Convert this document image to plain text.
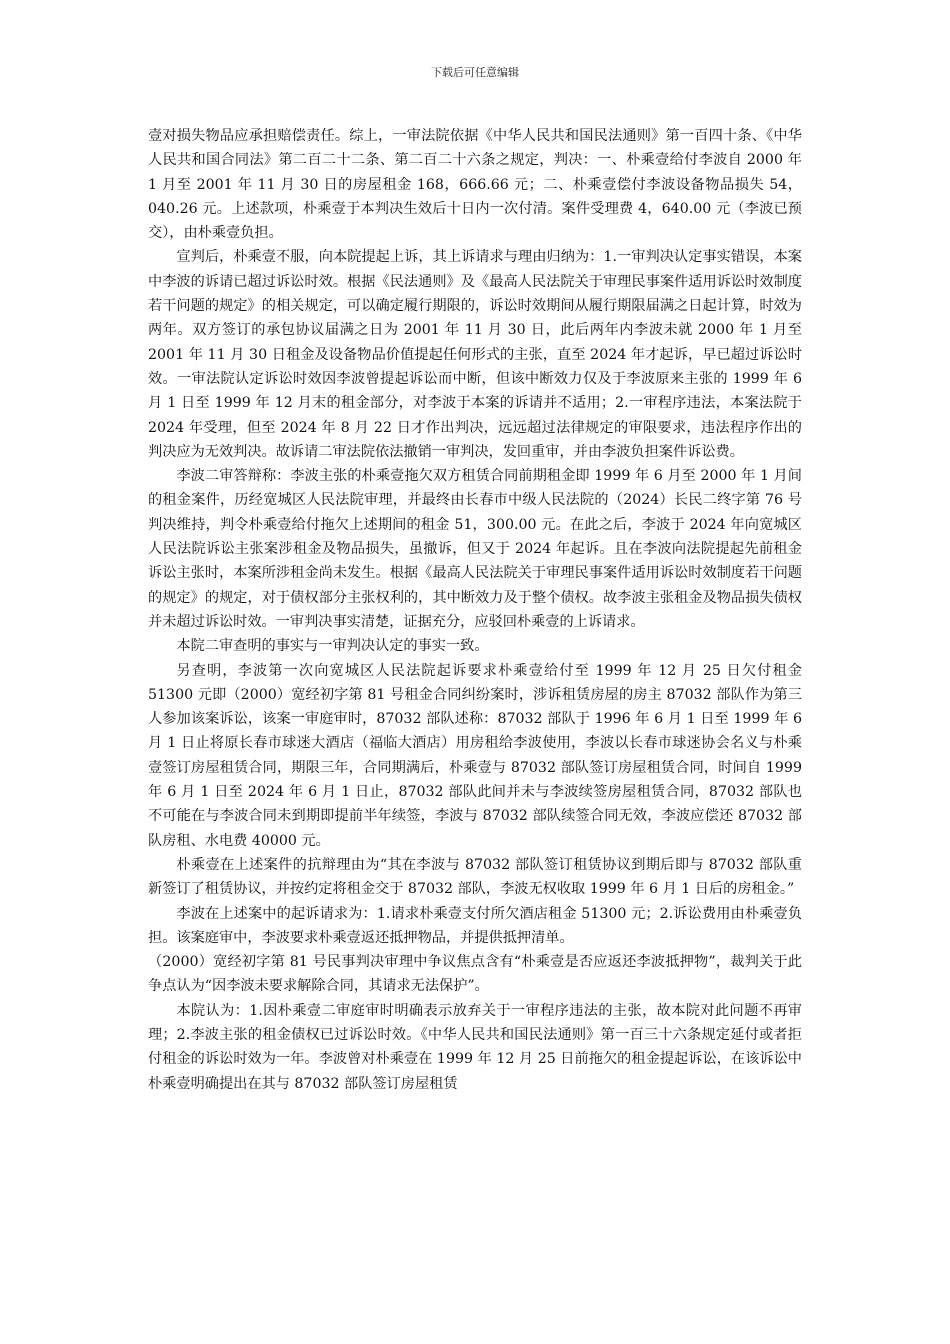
下载后可任意编辑

壹对损失物品应承担赔偿责任。综上，一审法院依据《中华人民共和国民法通则》第一百四十条、《中华人民共和国合同法》第二百二十二条、第二百二十六条之规定，判决：一、朴乘壹给付李波自 2000 年 1 月至 2001 年 11 月 30 日的房屋租金 168，666.66 元；二、朴乘壹偿付李波设备物品损失 54，040.26 元。上述款项，朴乘壹于本判决生效后十日内一次付清。案件受理费 4，640.00 元（李波已预交），由朴乘壹负担。

宣判后，朴乘壹不服，向本院提起上诉，其上诉请求与理由归纳为：1.一审判决认定事实错误，本案中李波的诉请已超过诉讼时效。根据《民法通则》及《最高人民法院关于审理民事案件适用诉讼时效制度若干问题的规定》的相关规定，可以确定履行期限的，诉讼时效期间从履行期限届满之日起计算，时效为两年。双方签订的承包协议届满之日为 2001 年 11 月 30 日，此后两年内李波未就 2000 年 1 月至 2001 年 11 月 30 日租金及设备物品价值提起任何形式的主张，直至 2024 年才起诉，早已超过诉讼时效。一审法院认定诉讼时效因李波曾提起诉讼而中断，但该中断效力仅及于李波原来主张的 1999 年 6 月 1 日至 1999 年 12 月末的租金部分，对李波于本案的诉请并不适用；2.一审程序违法，本案法院于 2024 年受理，但至 2024 年 8 月 22 日才作出判决，远远超过法律规定的审限要求，违法程序作出的判决应为无效判决。故诉请二审法院依法撤销一审判决，发回重审，并由李波负担案件诉讼费。

李波二审答辩称：李波主张的朴乘壹拖欠双方租赁合同前期租金即 1999 年 6 月至 2000 年 1 月间的租金案件，历经宽城区人民法院审理，并最终由长春市中级人民法院的（2024）长民二终字第 76 号判决维持，判令朴乘壹给付拖欠上述期间的租金 51，300.00 元。在此之后，李波于 2024 年向宽城区人民法院诉讼主张案涉租金及物品损失，虽撤诉，但又于 2024 年起诉。且在李波向法院提起先前租金诉讼主张时，本案所涉租金尚未发生。根据《最高人民法院关于审理民事案件适用诉讼时效制度若干问题的规定》的规定，对于债权部分主张权利的，其中断效力及于整个债权。故李波主张租金及物品损失债权并未超过诉讼时效。一审判决事实清楚，证据充分，应驳回朴乘壹的上诉请求。

本院二审查明的事实与一审判决认定的事实一致。

另查明，李波第一次向宽城区人民法院起诉要求朴乘壹给付至 1999 年 12 月 25 日欠付租金 51300 元即（2000）宽经初字第 81 号租金合同纠纷案时，涉诉租赁房屋的房主 87032 部队作为第三人参加该案诉讼，该案一审庭审时，87032 部队述称：87032 部队于 1996 年 6 月 1 日至 1999 年 6 月 1 日止将原长春市球迷大酒店（福临大酒店）用房租给李波使用，李波以长春市球迷协会名义与朴乘壹签订房屋租赁合同，期限三年，合同期满后，朴乘壹与 87032 部队签订房屋租赁合同，时间自 1999 年 6 月 1 日至 2024 年 6 月 1 日止，87032 部队此间并未与李波续签房屋租赁合同，87032 部队也不可能在与李波合同未到期即提前半年续签，李波与 87032 部队续签合同无效，李波应偿还 87032 部队房租、水电费 40000 元。

朴乘壹在上述案件的抗辩理由为“其在李波与 87032 部队签订租赁协议到期后即与 87032 部队重新签订了租赁协议，并按约定将租金交于 87032 部队，李波无权收取 1999 年 6 月 1 日后的房租金。”

李波在上述案中的起诉请求为：1.请求朴乘壹支付所欠酒店租金 51300 元；2.诉讼费用由朴乘壹负担。该案庭审中，李波要求朴乘壹返还抵押物品，并提供抵押清单。

（2000）宽经初字第 81 号民事判决审理中争议焦点含有“朴乘壹是否应返还李波抵押物”，裁判关于此争点认为“因李波未要求解除合同，其请求无法保护”。

本院认为：1.因朴乘壹二审庭审时明确表示放弃关于一审程序违法的主张，故本院对此问题不再审理；2.李波主张的租金债权已过诉讼时效。《中华人民共和国民法通则》第一百三十六条规定延付或者拒付租金的诉讼时效为一年。李波曾对朴乘壹在 1999 年 12 月 25 日前拖欠的租金提起诉讼，在该诉讼中朴乘壹明确提出在其与 87032 部队签订房屋租赁
